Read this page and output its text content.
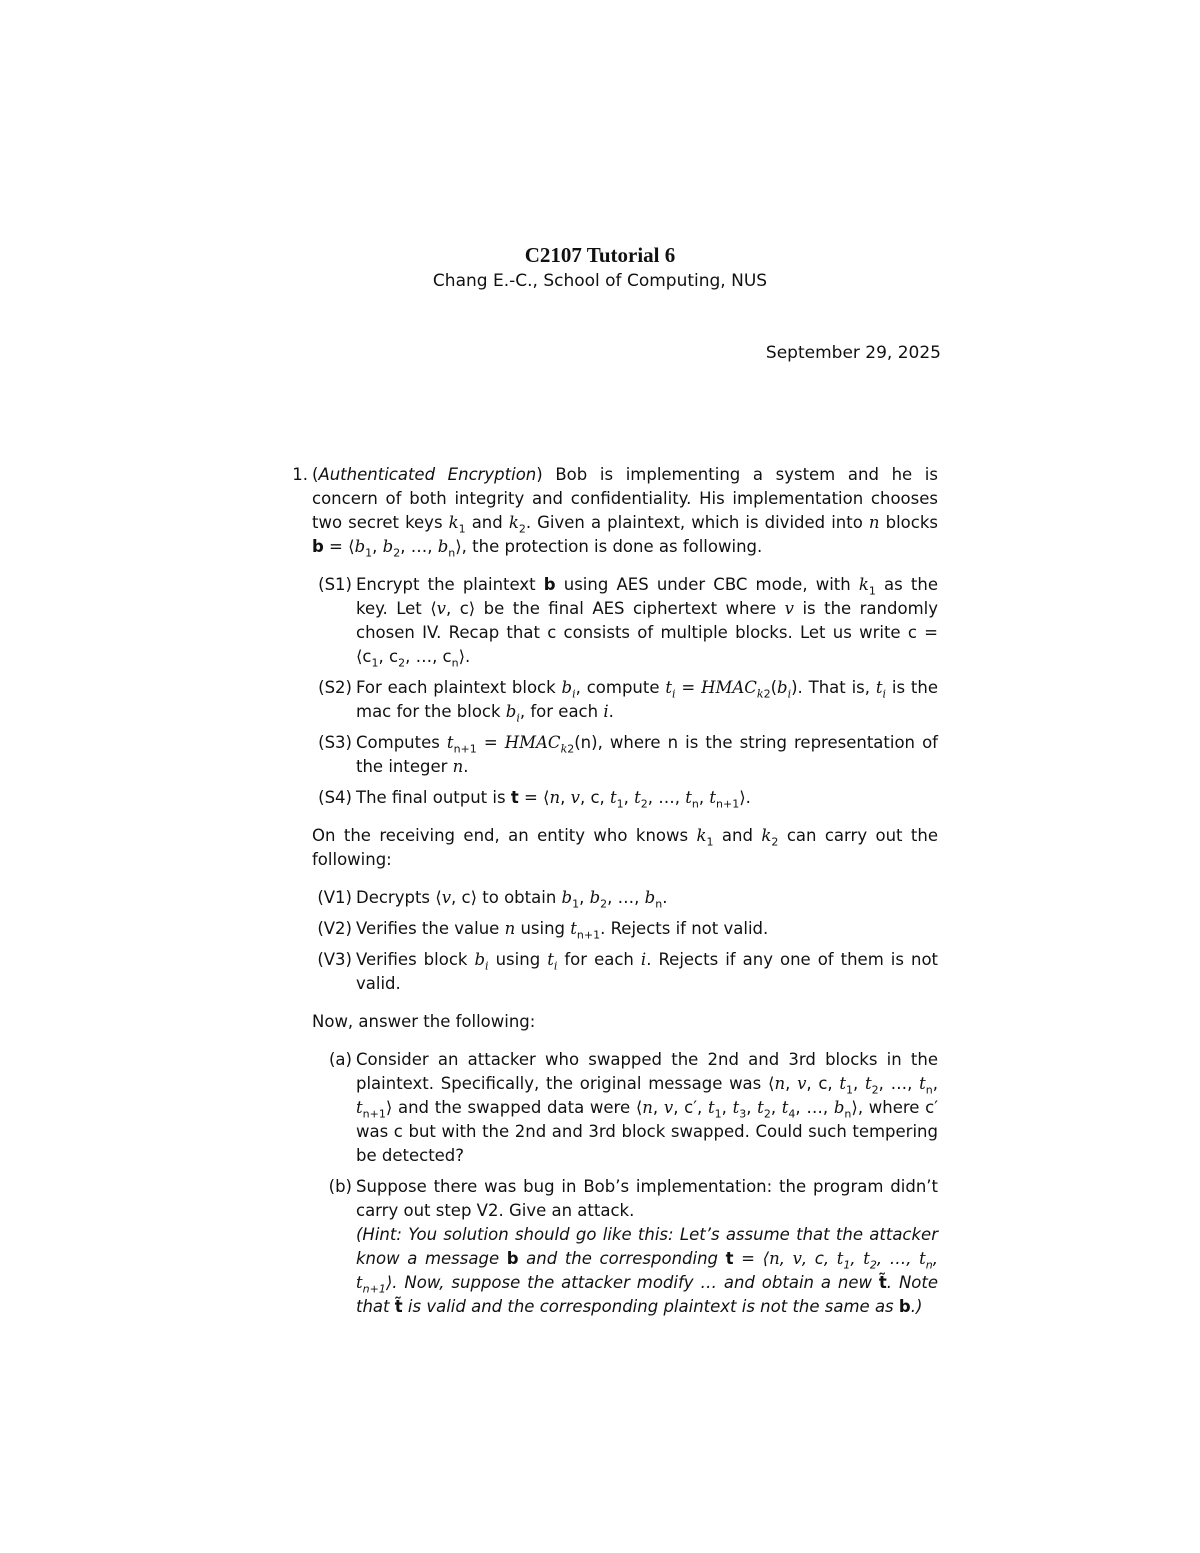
C2107 Tutorial 6
Chang E.-C., School of Computing, NUS
September 29, 2025
1. (Authenticated Encryption) Bob is implementing a system and he is concern of both integrity and confidentiality. His implementation chooses two secret keys $k_1$ and $k_2$. Given a plaintext, which is divided into n blocks $b = ⟨b_1$, $b_2$, …, $b_n⟩$, the protection is done as following.

(S1) Encrypt the plaintext b using AES under CBC mode, with $k_1$ as the key. Let ⟨v, c⟩ be the final AES ciphertext where v is the randomly chosen IV. Recap that c consists of multiple blocks. Let us write $c = ⟨c_1$, $c_2$, …, $c_n⟩$.
(S2) For each plaintext block $b_i$, compute $t_i$ = $HMAC_{k2}(b_i)$. That is, $t_i$ is the mac for the block $b_i$, for each i.
(S3) Computes $t_{n+1}$ = $HMAC_{k2}(n)$, where n is the string representation of the integer n.
(S4) The final output is t = ⟨n, v, c, $t_1$, $t_2$, …, $t_n$, $t_{n+1}⟩$.

On the receiving end, an entity who knows $k_1$ and $k_2$ can carry out the following:

(V1) Decrypts ⟨v, c⟩ to obtain $b_1$, $b_2$, …, $b_n$.
(V2) Verifies the value n using $t_{n+1}$. Rejects if not valid.
(V3) Verifies block $b_i$ using $t_i$ for each i. Rejects if any one of them is not valid.

Now, answer the following:

(a) Consider an attacker who swapped the 2nd and 3rd blocks in the plaintext. Specifically, the original message was ⟨n, v, c, $t_1$, $t_2$, …, $t_n$, $t_{n+1}⟩$ and the swapped data were ⟨n, v, c′, $t_1$, $t_3$, $t_2$, $t_4$, …, $b_n⟩$, where c′ was c but with the 2nd and 3rd block swapped. Could such tempering be detected?
(b) Suppose there was bug in Bob’s implementation: the program didn’t carry out step V2. Give an attack.
(Hint: You solution should go like this: Let’s assume that the attacker know a message b and the corresponding t = ⟨n, v, c, $t_1$, $t_2$, …, $t_n$, $t_{n+1}⟩$. Now, suppose the attacker modify … and obtain a new t̃. Note that t̃ is valid and the corresponding plaintext is not the same as b.)
